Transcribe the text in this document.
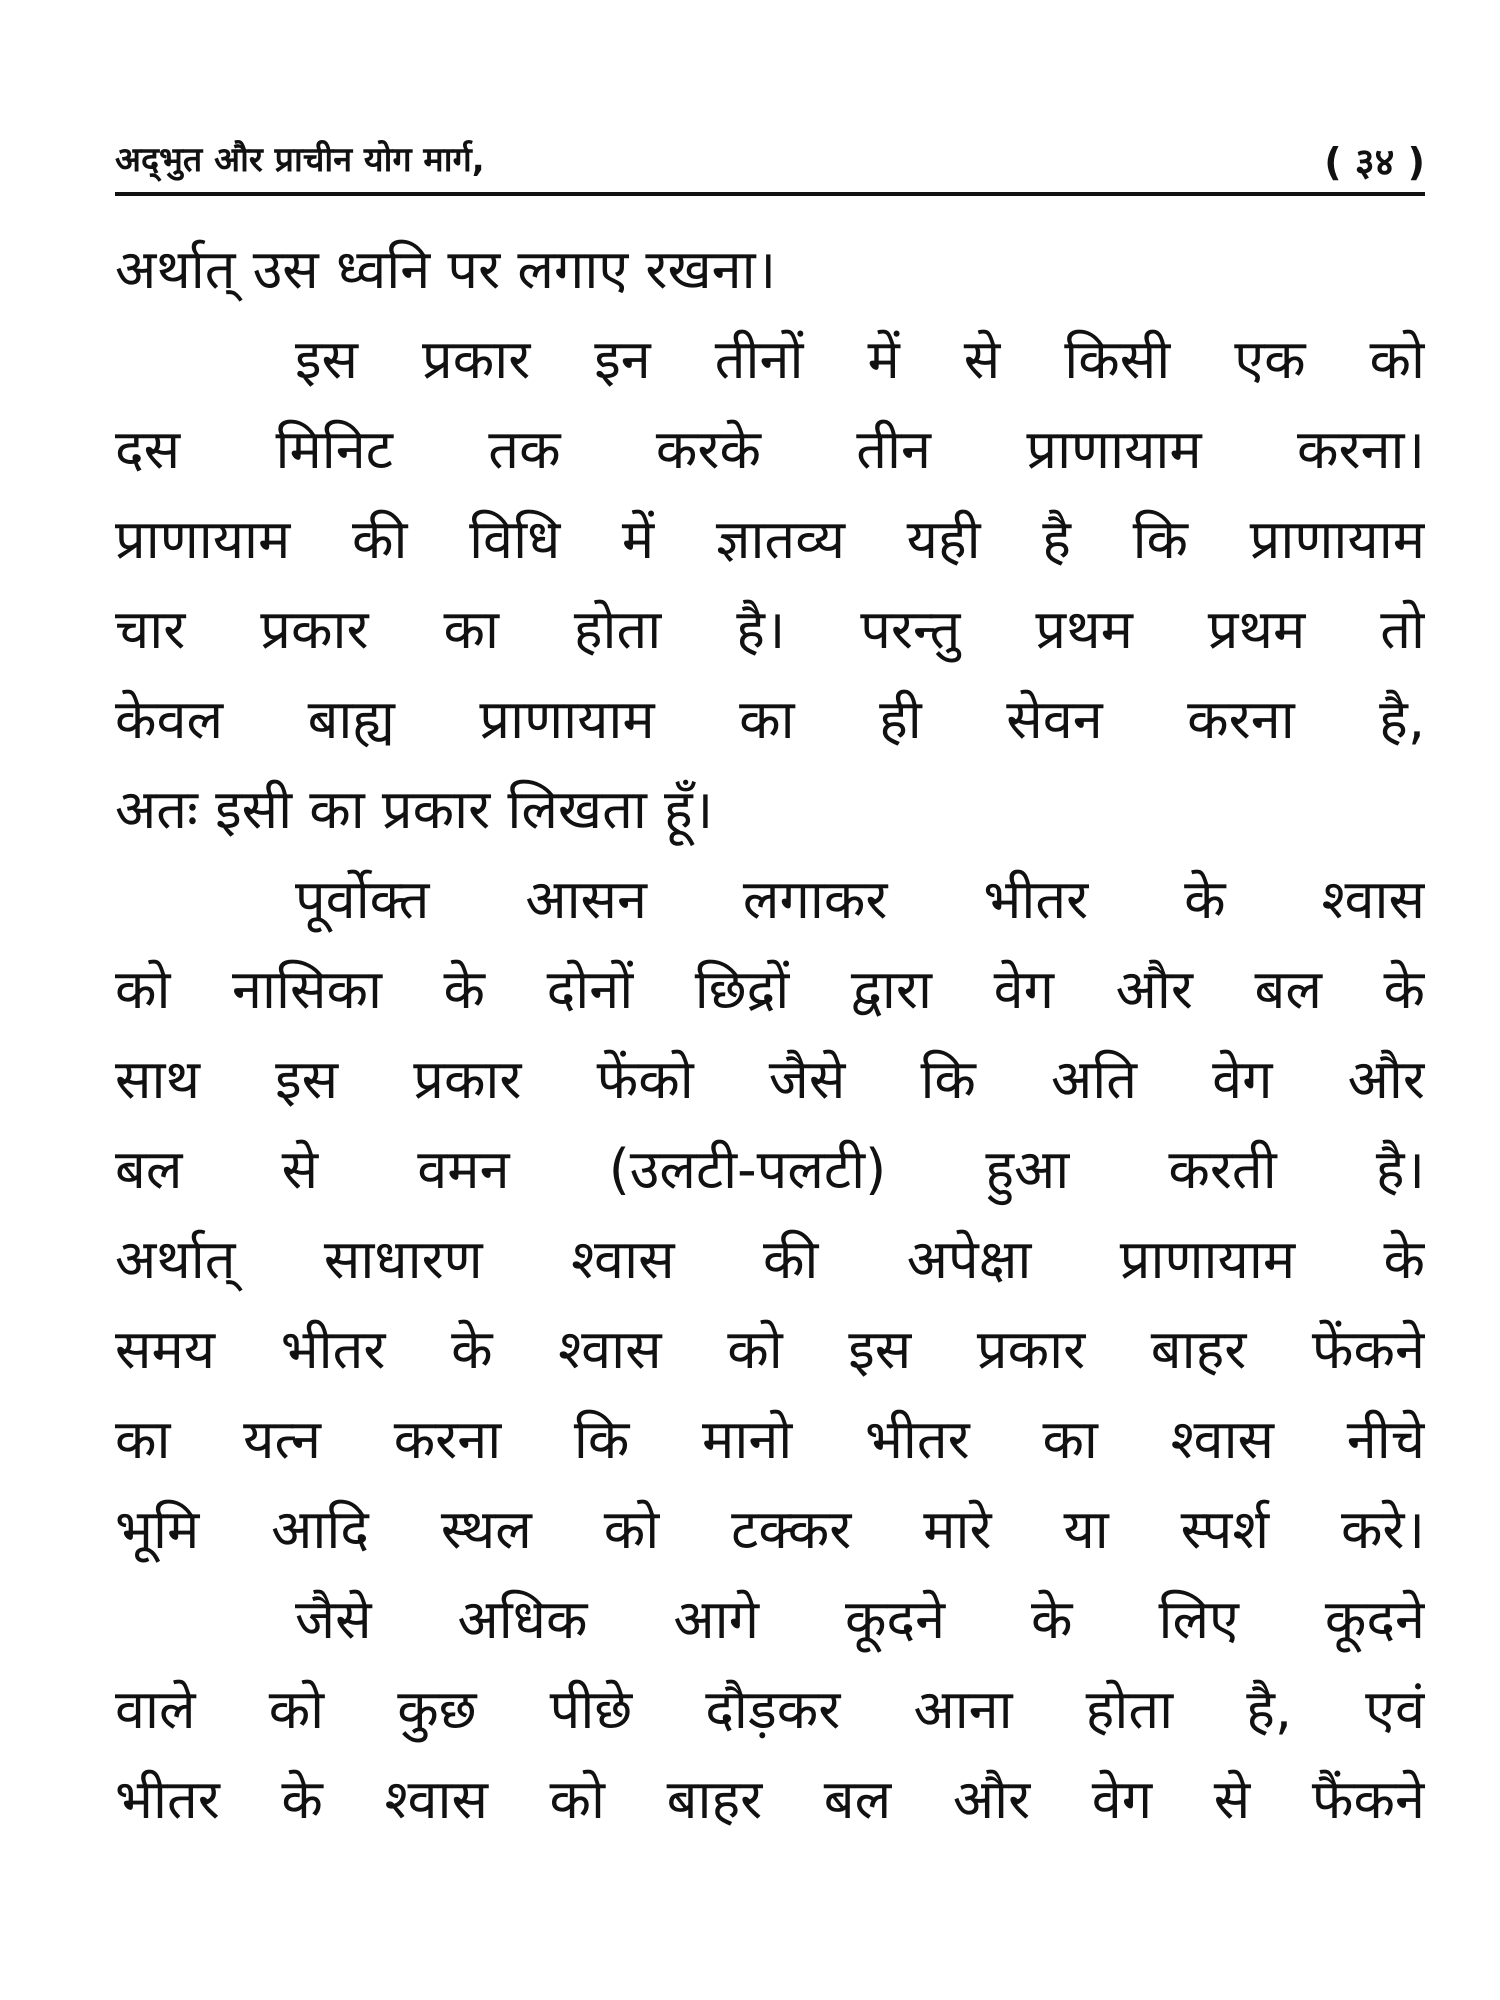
अद्‌भुत और प्राचीन योग मार्ग,	( ३४ )
अर्थात् उस ध्वनि पर लगाए रखना।
इस प्रकार इन तीनों में से किसी एक को
दस मिनिट तक करके तीन प्राणायाम करना।
प्राणायाम की विधि में ज्ञातव्य यही है कि प्राणायाम
चार प्रकार का होता है। परन्तु प्रथम प्रथम तो
केवल बाह्य प्राणायाम का ही सेवन करना है,
अतः इसी का प्रकार लिखता हूँ।
पूर्वोक्त आसन लगाकर भीतर के श्वास
को नासिका के दोनों छिद्रों द्वारा वेग और बल के
साथ इस प्रकार फेंको जैसे कि अति वेग और
बल से वमन (उलटी-पलटी) हुआ करती है।
अर्थात् साधारण श्वास की अपेक्षा प्राणायाम के
समय भीतर के श्वास को इस प्रकार बाहर फेंकने
का यत्न करना कि मानो भीतर का श्वास नीचे
भूमि आदि स्थल को टक्कर मारे या स्पर्श करे।
जैसे अधिक आगे कूदने के लिए कूदने
वाले को कुछ पीछे दौड़कर आना होता है, एवं
भीतर के श्वास को बाहर बल और वेग से फैंकने
